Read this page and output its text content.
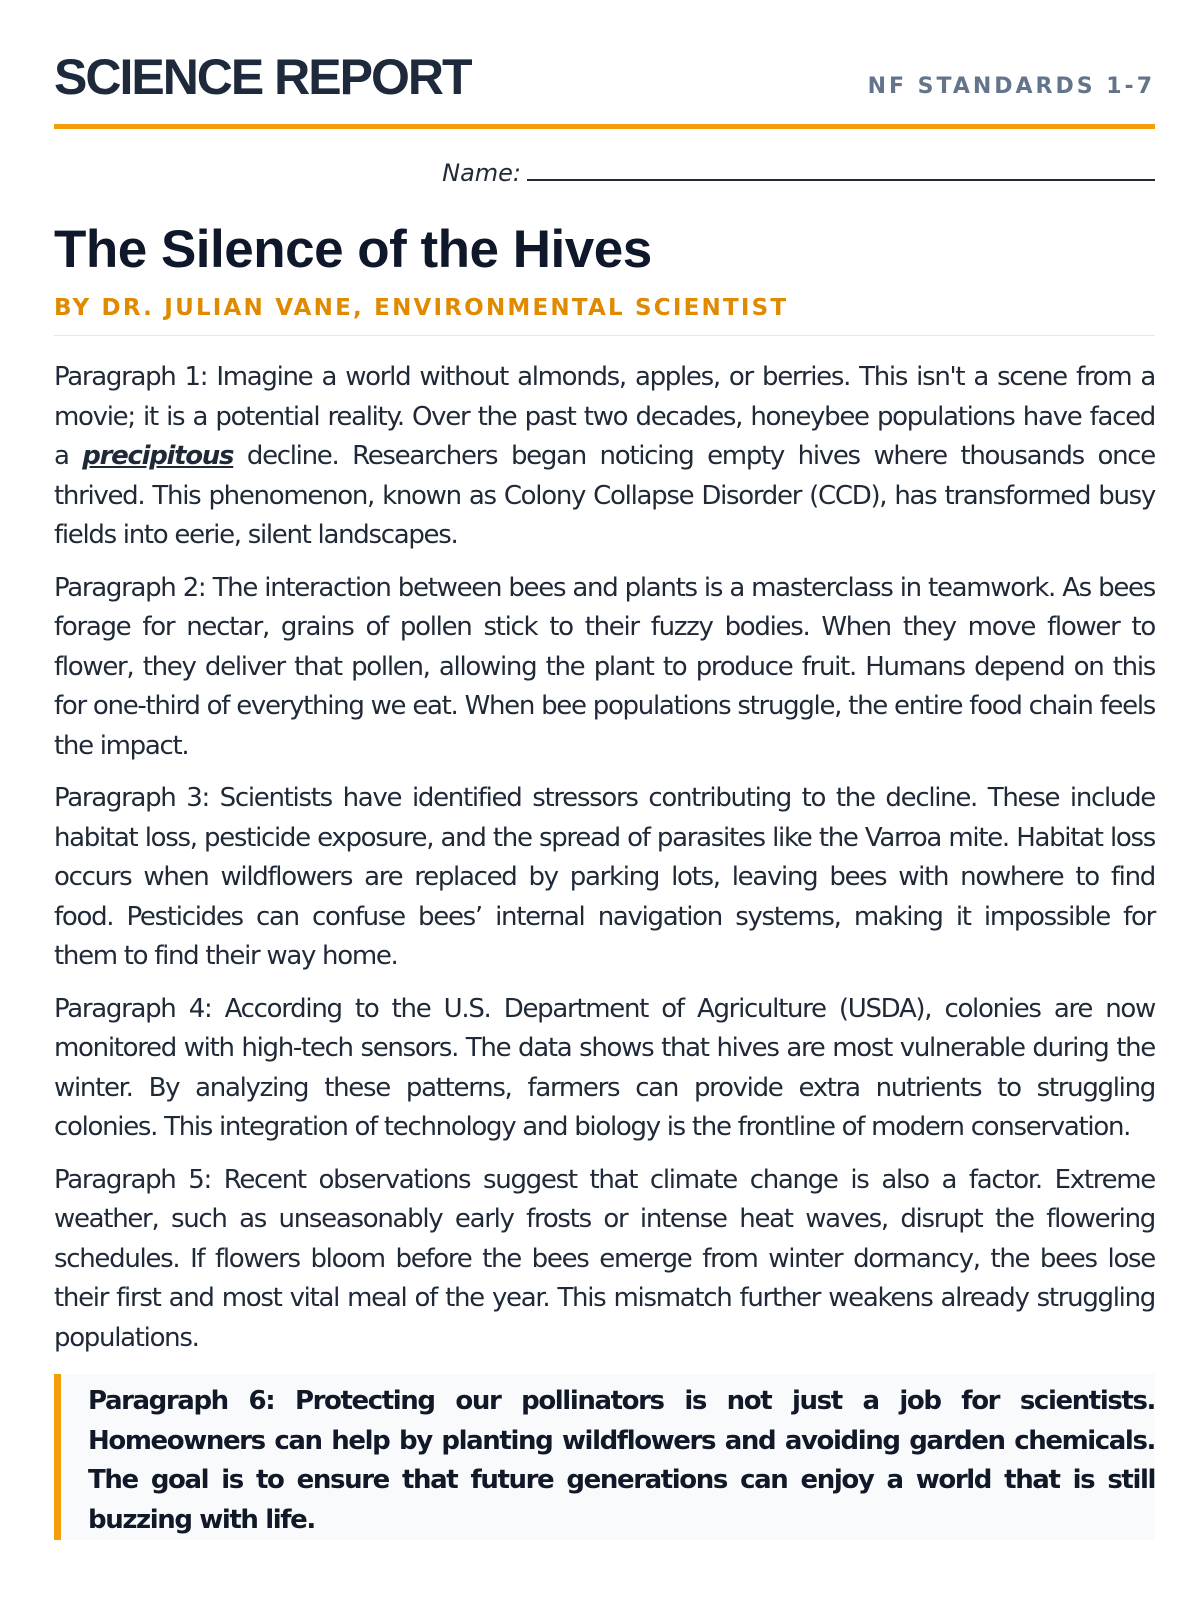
SCIENCE REPORT	NF STANDARDS 1-7
Name:
The Silence of the Hives
BY DR. JULIAN VANE, ENVIRONMENTAL SCIENTIST

Paragraph 1: Imagine a world without almonds, apples, or berries. This isn't a scene from a movie; it is a potential reality. Over the past two decades, honeybee populations have faced a precipitous decline. Researchers began noticing empty hives where thousands once thrived. This phenomenon, known as Colony Collapse Disorder (CCD), has transformed busy fields into eerie, silent landscapes.

Paragraph 2: The interaction between bees and plants is a masterclass in teamwork. As bees forage for nectar, grains of pollen stick to their fuzzy bodies. When they move flower to flower, they deliver that pollen, allowing the plant to produce fruit. Humans depend on this for one-third of everything we eat. When bee populations struggle, the entire food chain feels the impact.

Paragraph 3: Scientists have identified stressors contributing to the decline. These include habitat loss, pesticide exposure, and the spread of parasites like the Varroa mite. Habitat loss occurs when wildflowers are replaced by parking lots, leaving bees with nowhere to find food. Pesticides can confuse bees’ internal navigation systems, making it impossible for them to find their way home.

Paragraph 4: According to the U.S. Department of Agriculture (USDA), colonies are now monitored with high-tech sensors. The data shows that hives are most vulnerable during the winter. By analyzing these patterns, farmers can provide extra nutrients to struggling colonies. This integration of technology and biology is the frontline of modern conservation.

Paragraph 5: Recent observations suggest that climate change is also a factor. Extreme weather, such as unseasonably early frosts or intense heat waves, disrupt the flowering schedules. If flowers bloom before the bees emerge from winter dormancy, the bees lose their first and most vital meal of the year. This mismatch further weakens already struggling populations.

Paragraph 6: Protecting our pollinators is not just a job for scientists. Homeowners can help by planting wildflowers and avoiding garden chemicals. The goal is to ensure that future generations can enjoy a world that is still buzzing with life.
